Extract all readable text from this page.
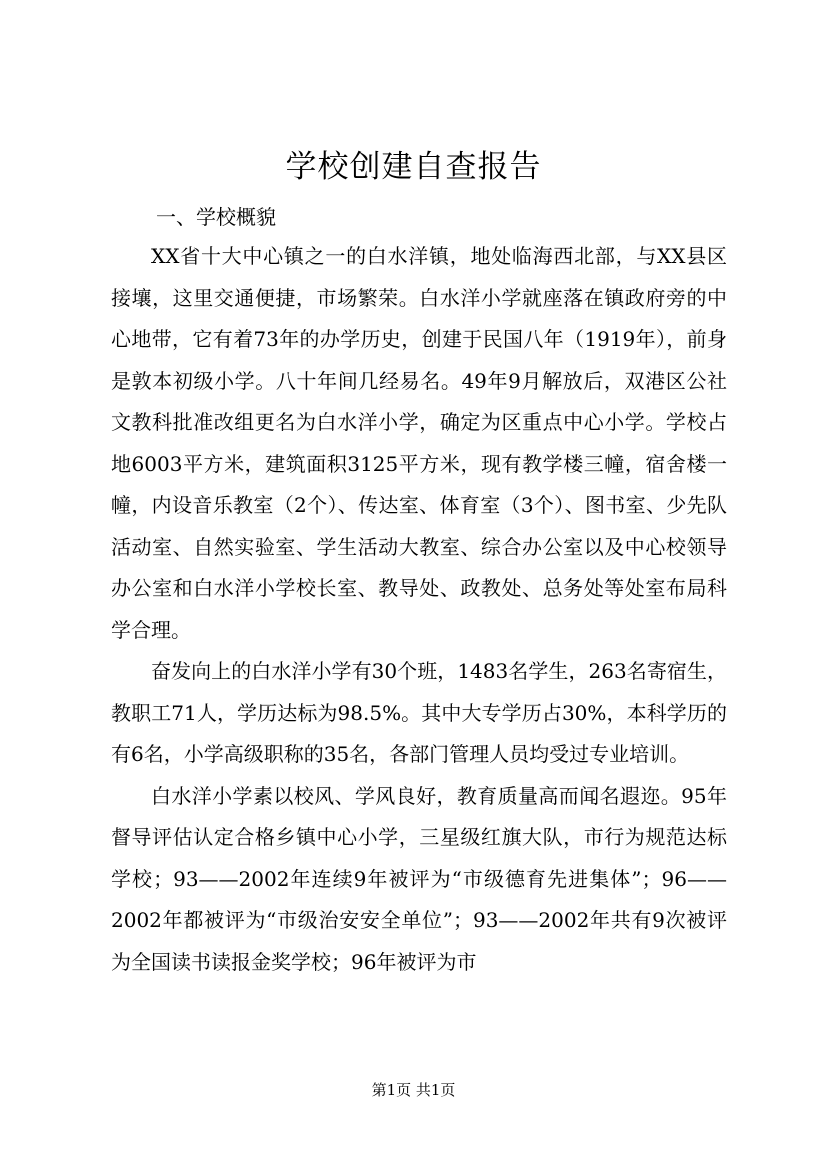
学校创建自查报告

一、学校概貌

XX省十大中心镇之一的白水洋镇，地处临海西北部，与XX县区接壤，这里交通便捷，市场繁荣。白水洋小学就座落在镇政府旁的中心地带，它有着73年的办学历史，创建于民国八年（1919年），前身是敦本初级小学。八十年间几经易名。49年9月解放后，双港区公社文教科批准改组更名为白水洋小学，确定为区重点中心小学。学校占地6003平方米，建筑面积3125平方米，现有教学楼三幢，宿舍楼一幢，内设音乐教室（2个）、传达室、体育室（3个）、图书室、少先队活动室、自然实验室、学生活动大教室、综合办公室以及中心校领导办公室和白水洋小学校长室、教导处、政教处、总务处等处室布局科学合理。

奋发向上的白水洋小学有30个班，1483名学生，263名寄宿生，教职工71人，学历达标为98.5%。其中大专学历占30%，本科学历的有6名，小学高级职称的35名，各部门管理人员均受过专业培训。

白水洋小学素以校风、学风良好，教育质量高而闻名遐迩。95年督导评估认定合格乡镇中心小学，三星级红旗大队，市行为规范达标学校；93——2002年连续9年被评为“市级德育先进集体”；96——2002年都被评为“市级治安安全单位”；93——2002年共有9次被评为全国读书读报金奖学校；96年被评为市

第1页 共1页
